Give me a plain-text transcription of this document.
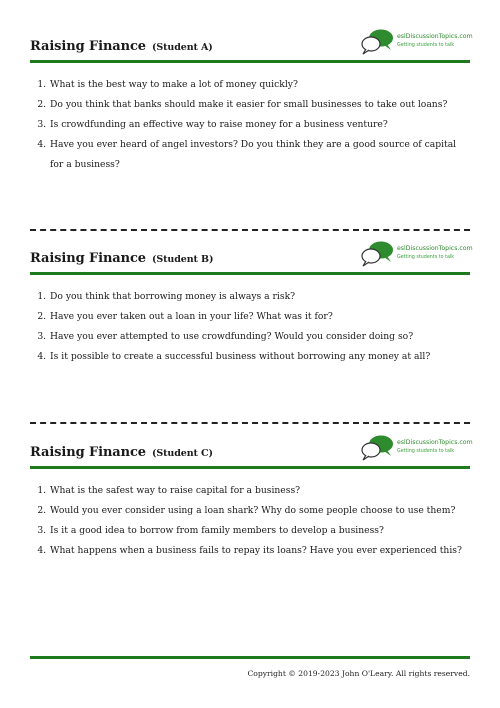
Raising Finance (Student A)
eslDiscussionTopics.com
Getting students to talk
1. What is the best way to make a lot of money quickly?
2. Do you think that banks should make it easier for small businesses to take out loans?
3. Is crowdfunding an effective way to raise money for a business venture?
4. Have you ever heard of angel investors? Do you think they are a good source of capital for a business?
Raising Finance (Student B)
eslDiscussionTopics.com
Getting students to talk
1. Do you think that borrowing money is always a risk?
2. Have you ever taken out a loan in your life? What was it for?
3. Have you ever attempted to use crowdfunding? Would you consider doing so?
4. Is it possible to create a successful business without borrowing any money at all?
Raising Finance (Student C)
eslDiscussionTopics.com
Getting students to talk
1. What is the safest way to raise capital for a business?
2. Would you ever consider using a loan shark? Why do some people choose to use them?
3. Is it a good idea to borrow from family members to develop a business?
4. What happens when a business fails to repay its loans? Have you ever experienced this?
Copyright © 2019-2023 John O'Leary. All rights reserved.
